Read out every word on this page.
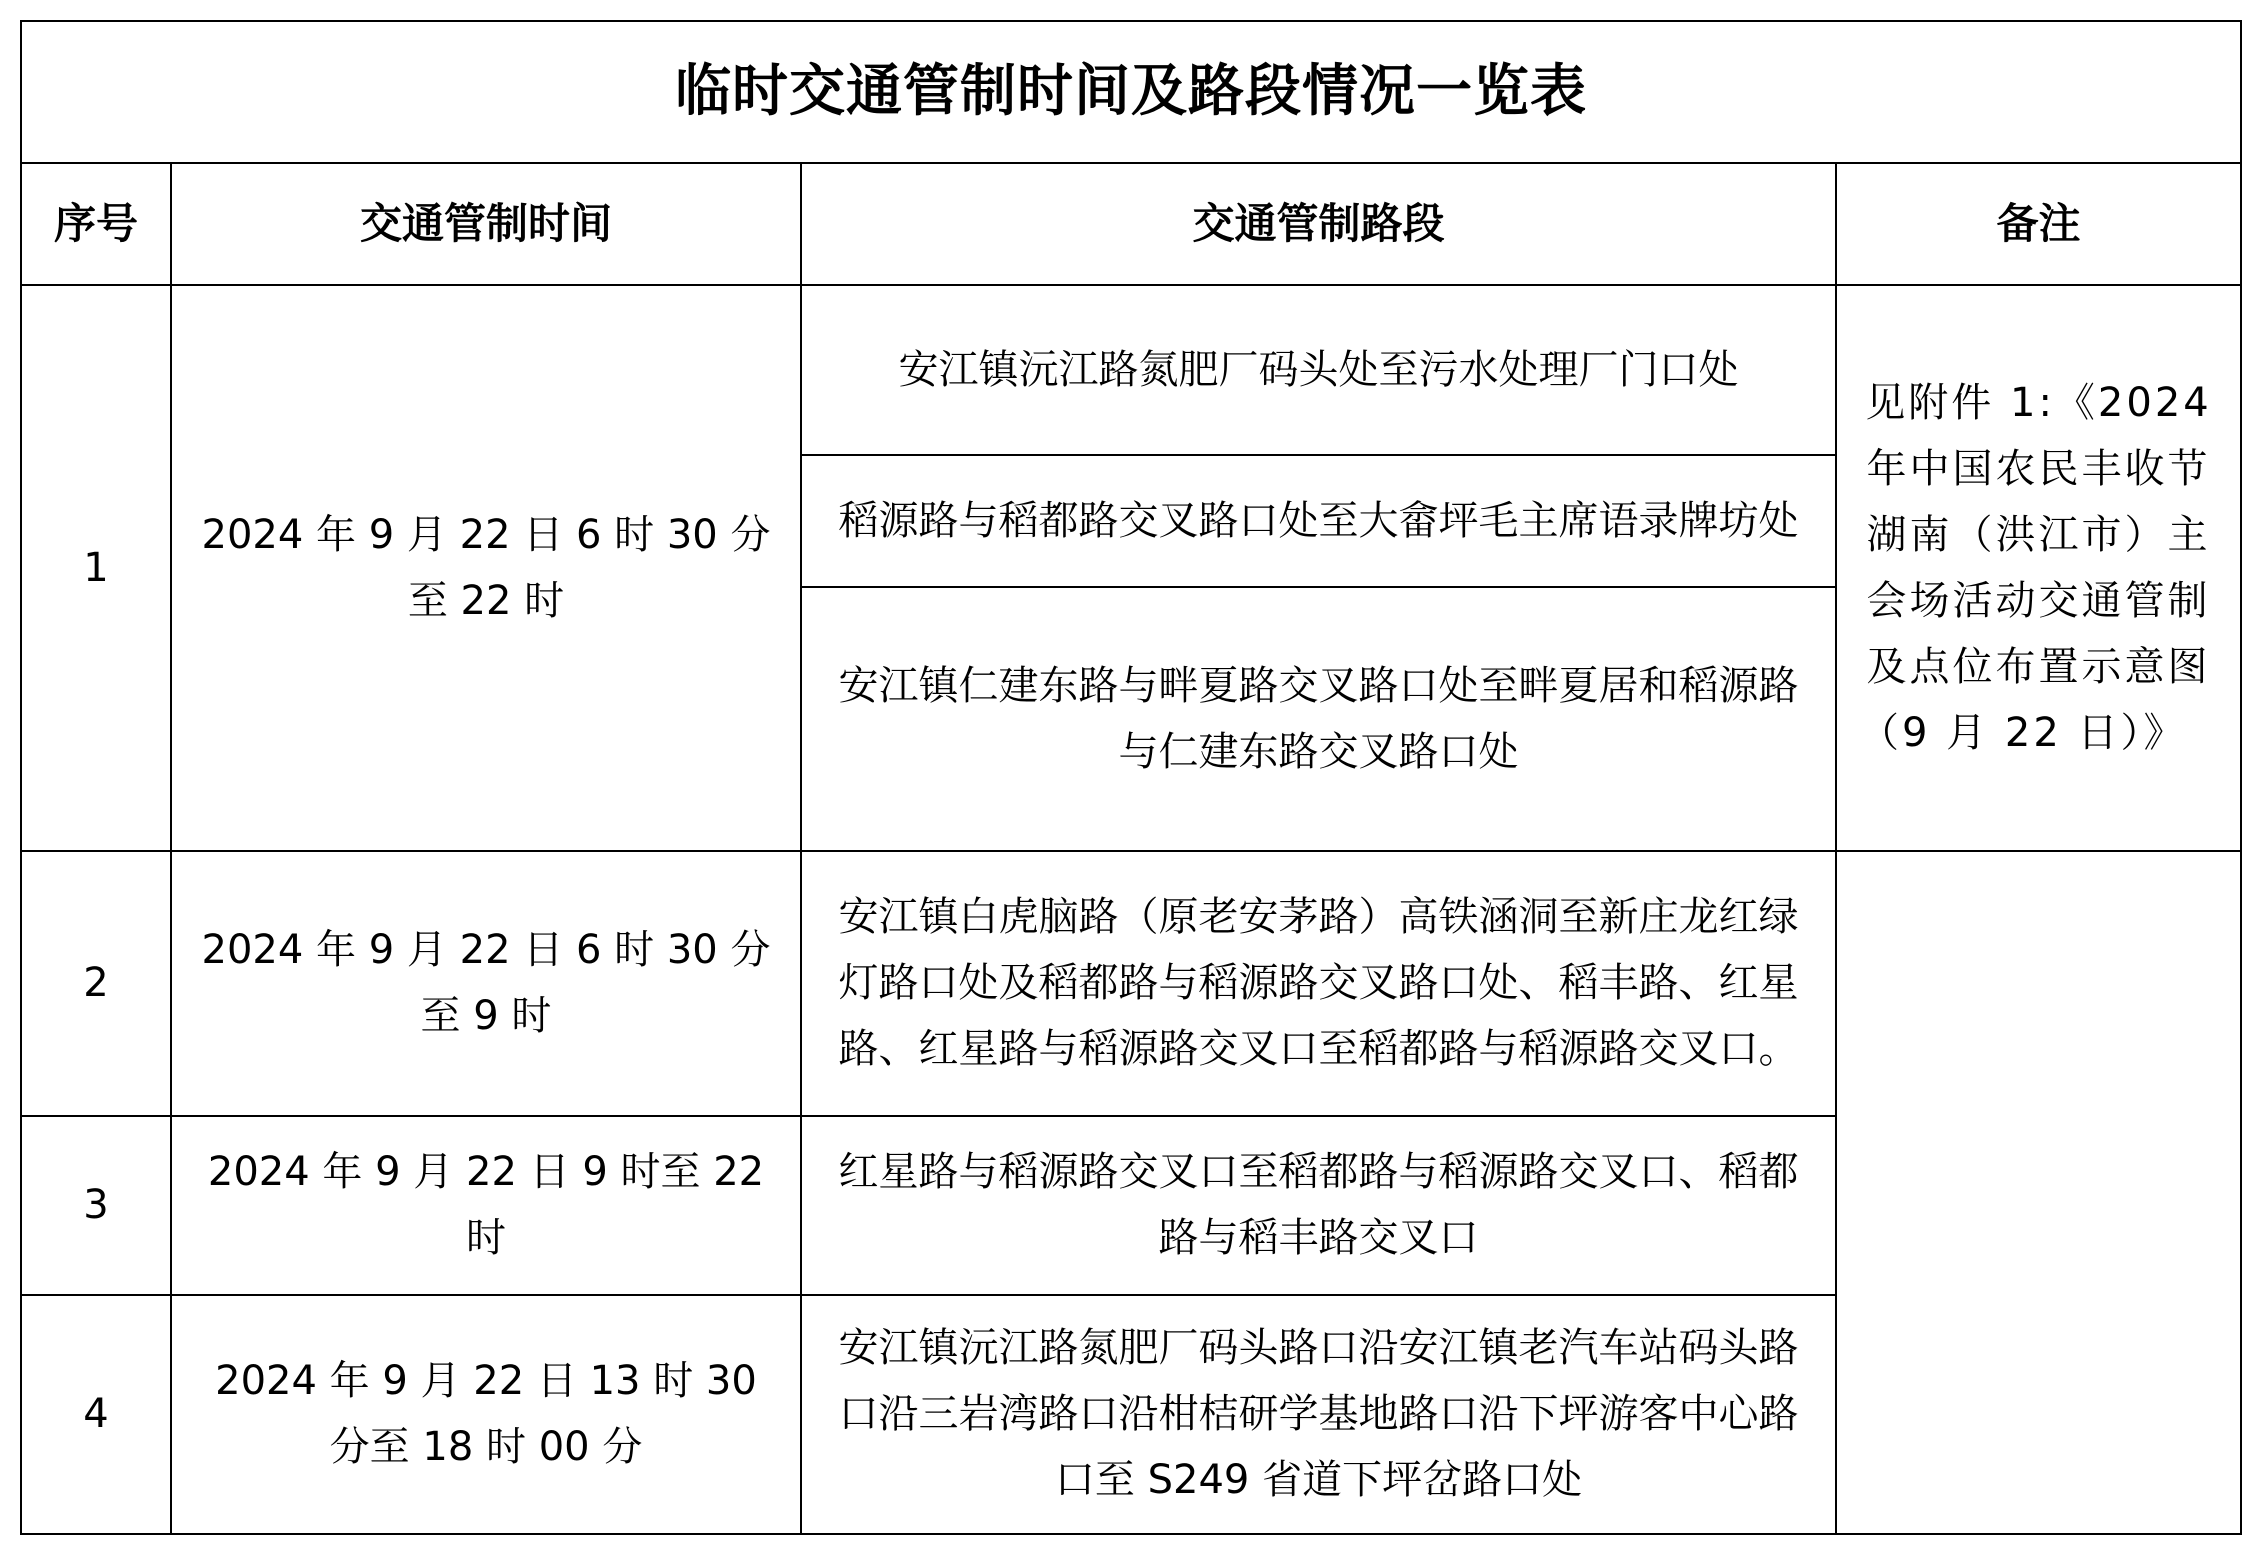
临时交通管制时间及路段情况一览表			
序号	交通管制时间	交通管制路段	备注
1	2024 年 9 月 22 日 6 时 30 分至 22 时	安江镇沅江路氮肥厂码头处至污水处理厂门口处	见附件 1:《2024 年中国农民丰收节湖南（洪江市）主会场活动交通管制及点位布置示意图（9 月 22 日）》
		稻源路与稻都路交叉路口处至大畲坪毛主席语录牌坊处	
		安江镇仁建东路与畔夏路交叉路口处至畔夏居和稻源路与仁建东路交叉路口处	
2	2024 年 9 月 22 日 6 时 30 分至 9 时	安江镇白虎脑路（原老安茅路）高铁涵洞至新庄龙红绿灯路口处及稻都路与稻源路交叉路口处、稻丰路、红星路、红星路与稻源路交叉口至稻都路与稻源路交叉口。	
3	2024 年 9 月 22 日 9 时至 22 时	红星路与稻源路交叉口至稻都路与稻源路交叉口、稻都路与稻丰路交叉口	
4	2024 年 9 月 22 日 13 时 30 分至 18 时 00 分	安江镇沅江路氮肥厂码头路口沿安江镇老汽车站码头路口沿三岩湾路口沿柑桔研学基地路口沿下坪游客中心路口至 S249 省道下坪岔路口处	
